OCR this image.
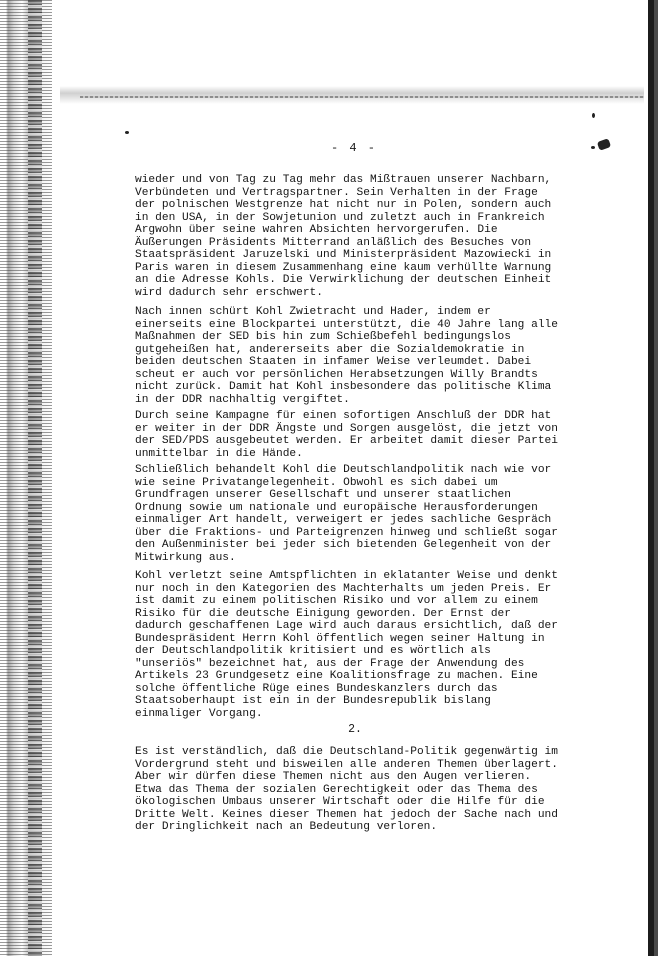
- 4 -

wieder und von Tag zu Tag mehr das Mißtrauen unserer Nachbarn,
Verbündeten und Vertragspartner. Sein Verhalten in der Frage
der polnischen Westgrenze hat nicht nur in Polen, sondern auch
in den USA, in der Sowjetunion und zuletzt auch in Frankreich
Argwohn über seine wahren Absichten hervorgerufen. Die
Äußerungen Präsidents Mitterrand anläßlich des Besuches von
Staatspräsident Jaruzelski und Ministerpräsident Mazowiecki in
Paris waren in diesem Zusammenhang eine kaum verhüllte Warnung
an die Adresse Kohls. Die Verwirklichung der deutschen Einheit
wird dadurch sehr erschwert.

Nach innen schürt Kohl Zwietracht und Hader, indem er
einerseits eine Blockpartei unterstützt, die 40 Jahre lang alle
Maßnahmen der SED bis hin zum Schießbefehl bedingungslos
gutgeheißen hat, andererseits aber die Sozialdemokratie in
beiden deutschen Staaten in infamer Weise verleumdet. Dabei
scheut er auch vor persönlichen Herabsetzungen Willy Brandts
nicht zurück. Damit hat Kohl insbesondere das politische Klima
in der DDR nachhaltig vergiftet.

Durch seine Kampagne für einen sofortigen Anschluß der DDR hat
er weiter in der DDR Ängste und Sorgen ausgelöst, die jetzt von
der SED/PDS ausgebeutet werden. Er arbeitet damit dieser Partei
unmittelbar in die Hände.

Schließlich behandelt Kohl die Deutschlandpolitik nach wie vor
wie seine Privatangelegenheit. Obwohl es sich dabei um
Grundfragen unserer Gesellschaft und unserer staatlichen
Ordnung sowie um nationale und europäische Herausforderungen
einmaliger Art handelt, verweigert er jedes sachliche Gespräch
über die Fraktions- und Parteigrenzen hinweg und schließt sogar
den Außenminister bei jeder sich bietenden Gelegenheit von der
Mitwirkung aus.

Kohl verletzt seine Amtspflichten in eklatanter Weise und denkt
nur noch in den Kategorien des Machterhalts um jeden Preis. Er
ist damit zu einem politischen Risiko und vor allem zu einem
Risiko für die deutsche Einigung geworden. Der Ernst der
dadurch geschaffenen Lage wird auch daraus ersichtlich, daß der
Bundespräsident Herrn Kohl öffentlich wegen seiner Haltung in
der Deutschlandpolitik kritisiert und es wörtlich als
"unseriös" bezeichnet hat, aus der Frage der Anwendung des
Artikels 23 Grundgesetz eine Koalitionsfrage zu machen. Eine
solche öffentliche Rüge eines Bundeskanzlers durch das
Staatsoberhaupt ist ein in der Bundesrepublik bislang
einmaliger Vorgang.

2.

Es ist verständlich, daß die Deutschland-Politik gegenwärtig im
Vordergrund steht und bisweilen alle anderen Themen überlagert.
Aber wir dürfen diese Themen nicht aus den Augen verlieren.
Etwa das Thema der sozialen Gerechtigkeit oder das Thema des
ökologischen Umbaus unserer Wirtschaft oder die Hilfe für die
Dritte Welt. Keines dieser Themen hat jedoch der Sache nach und
der Dringlichkeit nach an Bedeutung verloren.
